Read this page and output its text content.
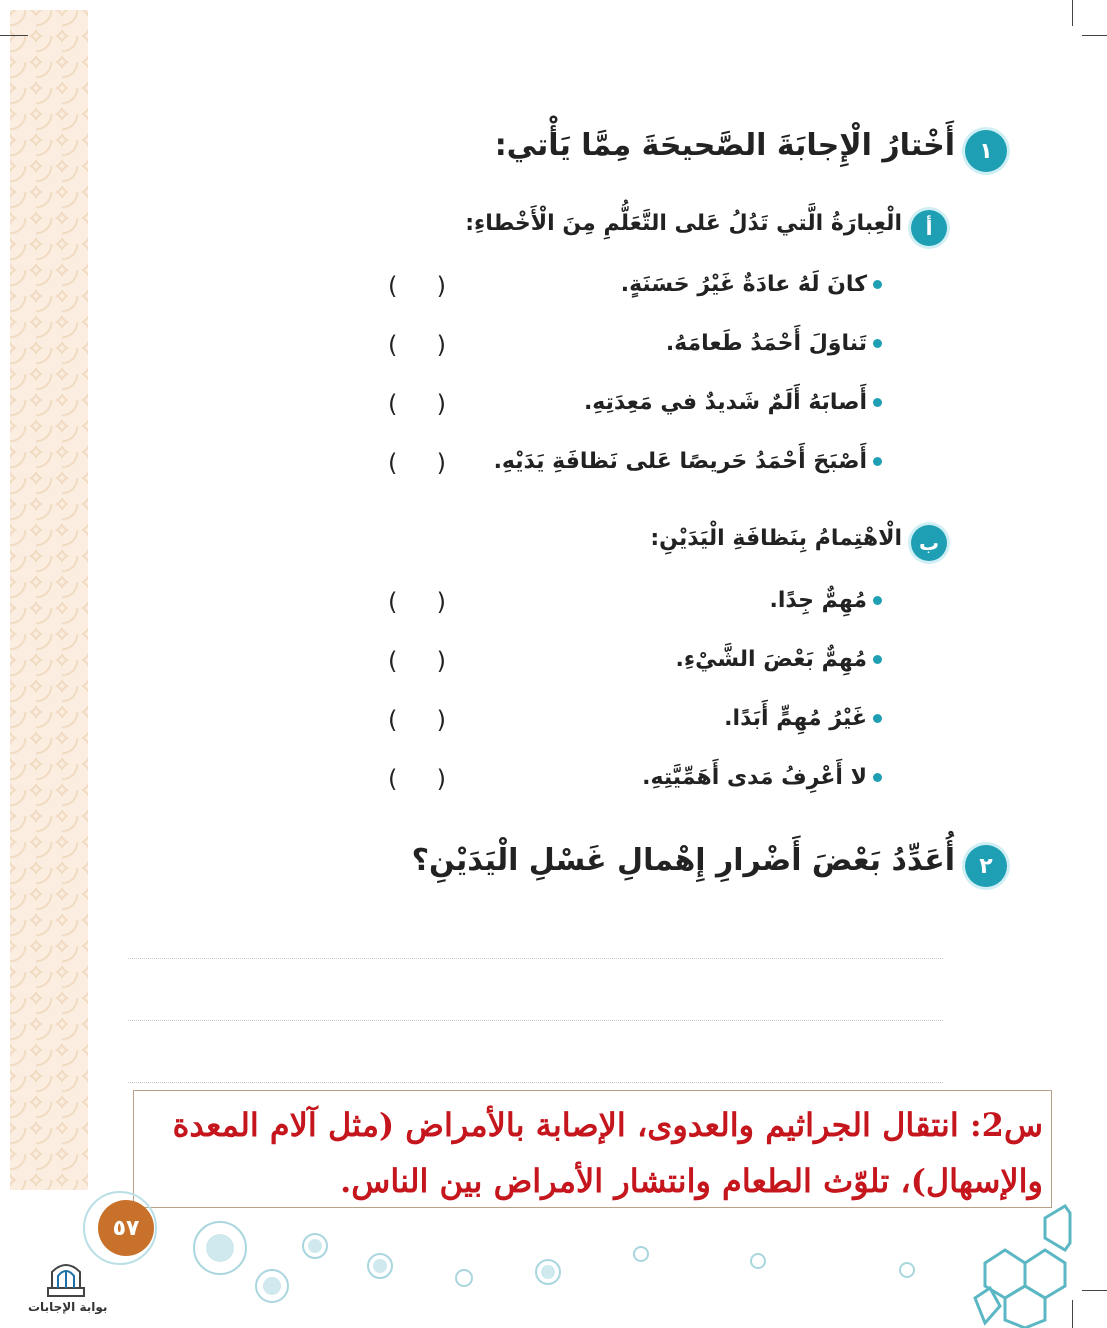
١
أَخْتارُ الْإِجابَةَ الصَّحيحَةَ مِمَّا يَأْتي:
أ
الْعِبارَةُ الَّتي تَدُلُ عَلى التَّعَلُّمِ مِنَ الْأَخْطاءِ:
كانَ لَهُ عادَةٌ غَيْرُ حَسَنَةٍ.
( )
تَناوَلَ أَحْمَدُ طَعامَهُ.
( )
أَصابَهُ أَلَمٌ شَديدٌ في مَعِدَتِهِ.
( )
أَصْبَحَ أَحْمَدُ حَريصًا عَلى نَظافَةِ يَدَيْهِ.
( )
ب
الْاهْتِمامُ بِنَظافَةِ الْيَدَيْنِ:
مُهِمٌّ جِدًا.
( )
مُهِمٌّ بَعْضَ الشَّيْءِ.
( )
غَيْرُ مُهِمٍّ أَبَدًا.
( )
لا أَعْرِفُ مَدى أَهَمِّيَّتِهِ.
( )
٢
أُعَدِّدُ بَعْضَ أَضْرارِ إِهْمالِ غَسْلِ الْيَدَيْنِ؟
س2: انتقال الجراثيم والعدوى، الإصابة بالأمراض (مثل آلام المعدة والإسهال)، تلوّث الطعام وانتشار الأمراض بين الناس.
٥٧
بوابة الإجابات
